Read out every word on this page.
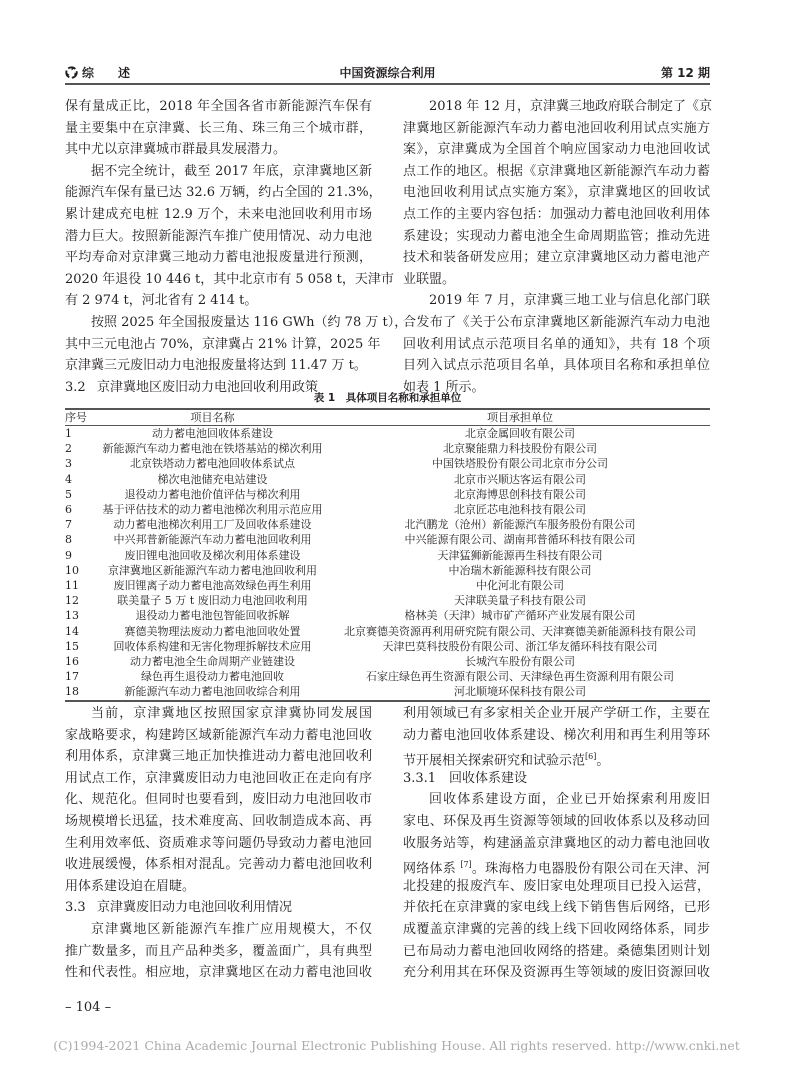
综　　述	中国资源综合利用	第 12 期
保有量成正比，2018 年全国各省市新能源汽车保有
量主要集中在京津冀、长三角、珠三角三个城市群，
其中尤以京津冀城市群最具发展潜力。
据不完全统计，截至 2017 年底，京津冀地区新
能源汽车保有量已达 32.6 万辆，约占全国的 21.3%，
累计建成充电桩 12.9 万个，未来电池回收利用市场
潜力巨大。按照新能源汽车推广使用情况、动力电池
平均寿命对京津冀三地动力蓄电池报废量进行预测，
2020 年退役 10 446 t，其中北京市有 5 058 t，天津市
有 2 974 t，河北省有 2 414 t。
按照 2025 年全国报废量达 116 GWh（约 78 万 t），
其中三元电池占 70%，京津冀占 21% 计算，2025 年
京津冀三元废旧动力电池报废量将达到 11.47 万 t。
3.2 京津冀地区废旧动力电池回收利用政策
2018 年 12 月，京津冀三地政府联合制定了《京
津冀地区新能源汽车动力蓄电池回收利用试点实施方
案》，京津冀成为全国首个响应国家动力电池回收试
点工作的地区。根据《京津冀地区新能源汽车动力蓄
电池回收利用试点实施方案》，京津冀地区的回收试
点工作的主要内容包括：加强动力蓄电池回收利用体
系建设；实现动力蓄电池全生命周期监管；推动先进
技术和装备研发应用；建立京津冀地区动力蓄电池产
业联盟。
2019 年 7 月，京津冀三地工业与信息化部门联
合发布了《关于公布京津冀地区新能源汽车动力电池
回收利用试点示范项目名单的通知》，共有 18 个项
目列入试点示范项目名单，具体项目名称和承担单位
如表 1 所示。
表 1　具体项目名称和承担单位
序号	项目名称	项目承担单位
1	动力蓄电池回收体系建设	北京金属回收有限公司
2	新能源汽车动力蓄电池在铁塔基站的梯次利用	北京聚能鼎力科技股份有限公司
3	北京铁塔动力蓄电池回收体系试点	中国铁塔股份有限公司北京市分公司
4	梯次电池储充电站建设	北京市兴顺达客运有限公司
5	退役动力蓄电池价值评估与梯次利用	北京海博思创科技有限公司
6	基于评估技术的动力蓄电池梯次利用示范应用	北京匠芯电池科技有限公司
7	动力蓄电池梯次利用工厂及回收体系建设	北汽鹏龙（沧州）新能源汽车服务股份有限公司
8	中兴邦普新能源汽车动力蓄电池回收利用	中兴能源有限公司、湖南邦普循环科技有限公司
9	废旧锂电池回收及梯次利用体系建设	天津猛狮新能源再生科技有限公司
10	京津冀地区新能源汽车动力蓄电池回收利用	中冶瑞木新能源科技有限公司
11	废旧锂离子动力蓄电池高效绿色再生利用	中化河北有限公司
12	联美量子 5 万 t 废旧动力电池回收利用	天津联美量子科技有限公司
13	退役动力蓄电池包智能回收拆解	格林美（天津）城市矿产循环产业发展有限公司
14	赛德美物理法废动力蓄电池回收处置	北京赛德美资源再利用研究院有限公司、天津赛德美新能源科技有限公司
15	回收体系构建和无害化物理拆解技术应用	天津巴莫科技股份有限公司、浙江华友循环科技有限公司
16	动力蓄电池全生命周期产业链建设	长城汽车股份有限公司
17	绿色再生退役动力蓄电池回收	石家庄绿色再生资源有限公司、天津绿色再生资源利用有限公司
18	新能源汽车动力蓄电池回收综合利用	河北顺境环保科技有限公司
当前，京津冀地区按照国家京津冀协同发展国
家战略要求，构建跨区域新能源汽车动力蓄电池回收
利用体系，京津冀三地正加快推进动力蓄电池回收利
用试点工作，京津冀废旧动力电池回收正在走向有序
化、规范化。但同时也要看到，废旧动力电池回收市
场规模增长迅猛，技术难度高、回收制造成本高、再
生利用效率低、资质难求等问题仍导致动力蓄电池回
收进展缓慢，体系相对混乱。完善动力蓄电池回收利
用体系建设迫在眉睫。
3.3 京津冀废旧动力电池回收利用情况
京津冀地区新能源汽车推广应用规模大，不仅
推广数量多，而且产品种类多，覆盖面广，具有典型
性和代表性。相应地，京津冀地区在动力蓄电池回收
利用领域已有多家相关企业开展产学研工作，主要在
动力蓄电池回收体系建设、梯次利用和再生利用等环
节开展相关探索研究和试验示范[6]。
3.3.1 回收体系建设
回收体系建设方面，企业已开始探索利用废旧
家电、环保及再生资源等领域的回收体系以及移动回
收服务站等，构建涵盖京津冀地区的动力蓄电池回收
网络体系 [7]。珠海格力电器股份有限公司在天津、河
北投建的报废汽车、废旧家电处理项目已投入运营，
并依托在京津冀的家电线上线下销售售后网络，已形
成覆盖京津冀的完善的线上线下回收网络体系，同步
已布局动力蓄电池回收网络的搭建。桑德集团则计划
充分利用其在环保及资源再生等领域的废旧资源回收
– 104 –
(C)1994-2021 China Academic Journal Electronic Publishing House. All rights reserved. http://www.cnki.net
